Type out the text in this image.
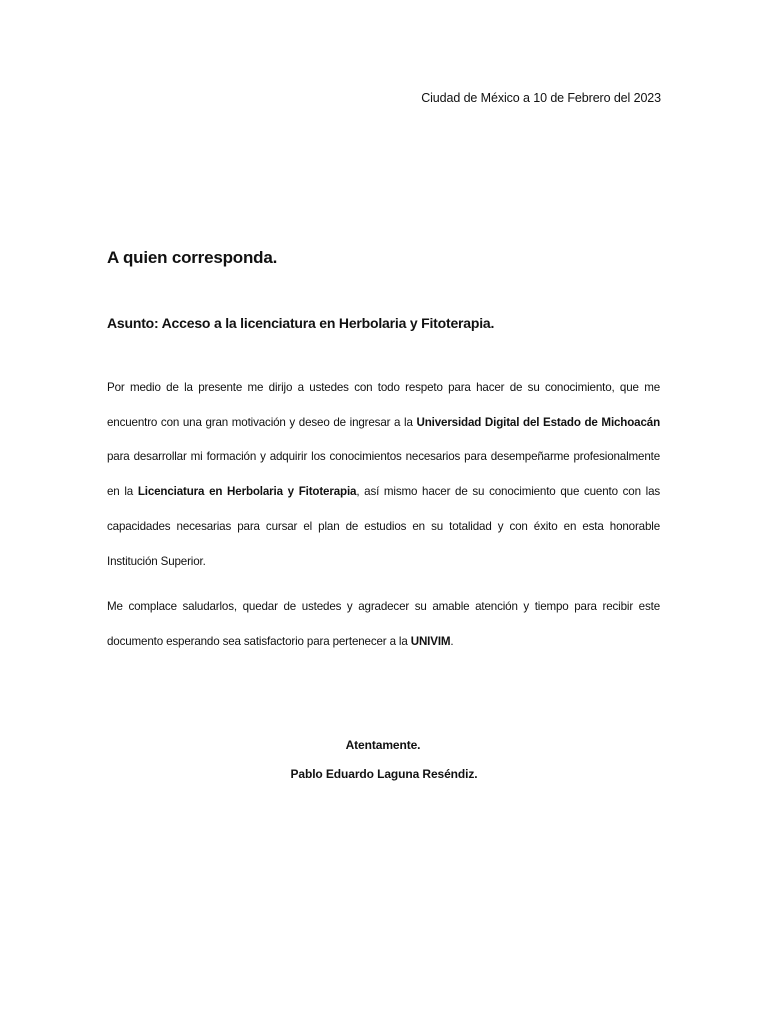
Ciudad de México a 10 de Febrero del 2023
A quien corresponda.
Asunto: Acceso a la licenciatura en Herbolaria y Fitoterapia.

Por medio de la presente me dirijo a ustedes con todo respeto para hacer de su conocimiento, que me encuentro con una gran motivación y deseo de ingresar a la Universidad Digital del Estado de Michoacán para desarrollar mi formación y adquirir los conocimientos necesarios para desempeñarme profesionalmente en la Licenciatura en Herbolaria y Fitoterapia, así mismo hacer de su conocimiento que cuento con las capacidades necesarias para cursar el plan de estudios en su totalidad y con éxito en esta honorable Institución Superior.

Me complace saludarlos, quedar de ustedes y agradecer su amable atención y tiempo para recibir este documento esperando sea satisfactorio para pertenecer a la UNIVIM.

Atentamente.
Pablo Eduardo Laguna Reséndiz.
